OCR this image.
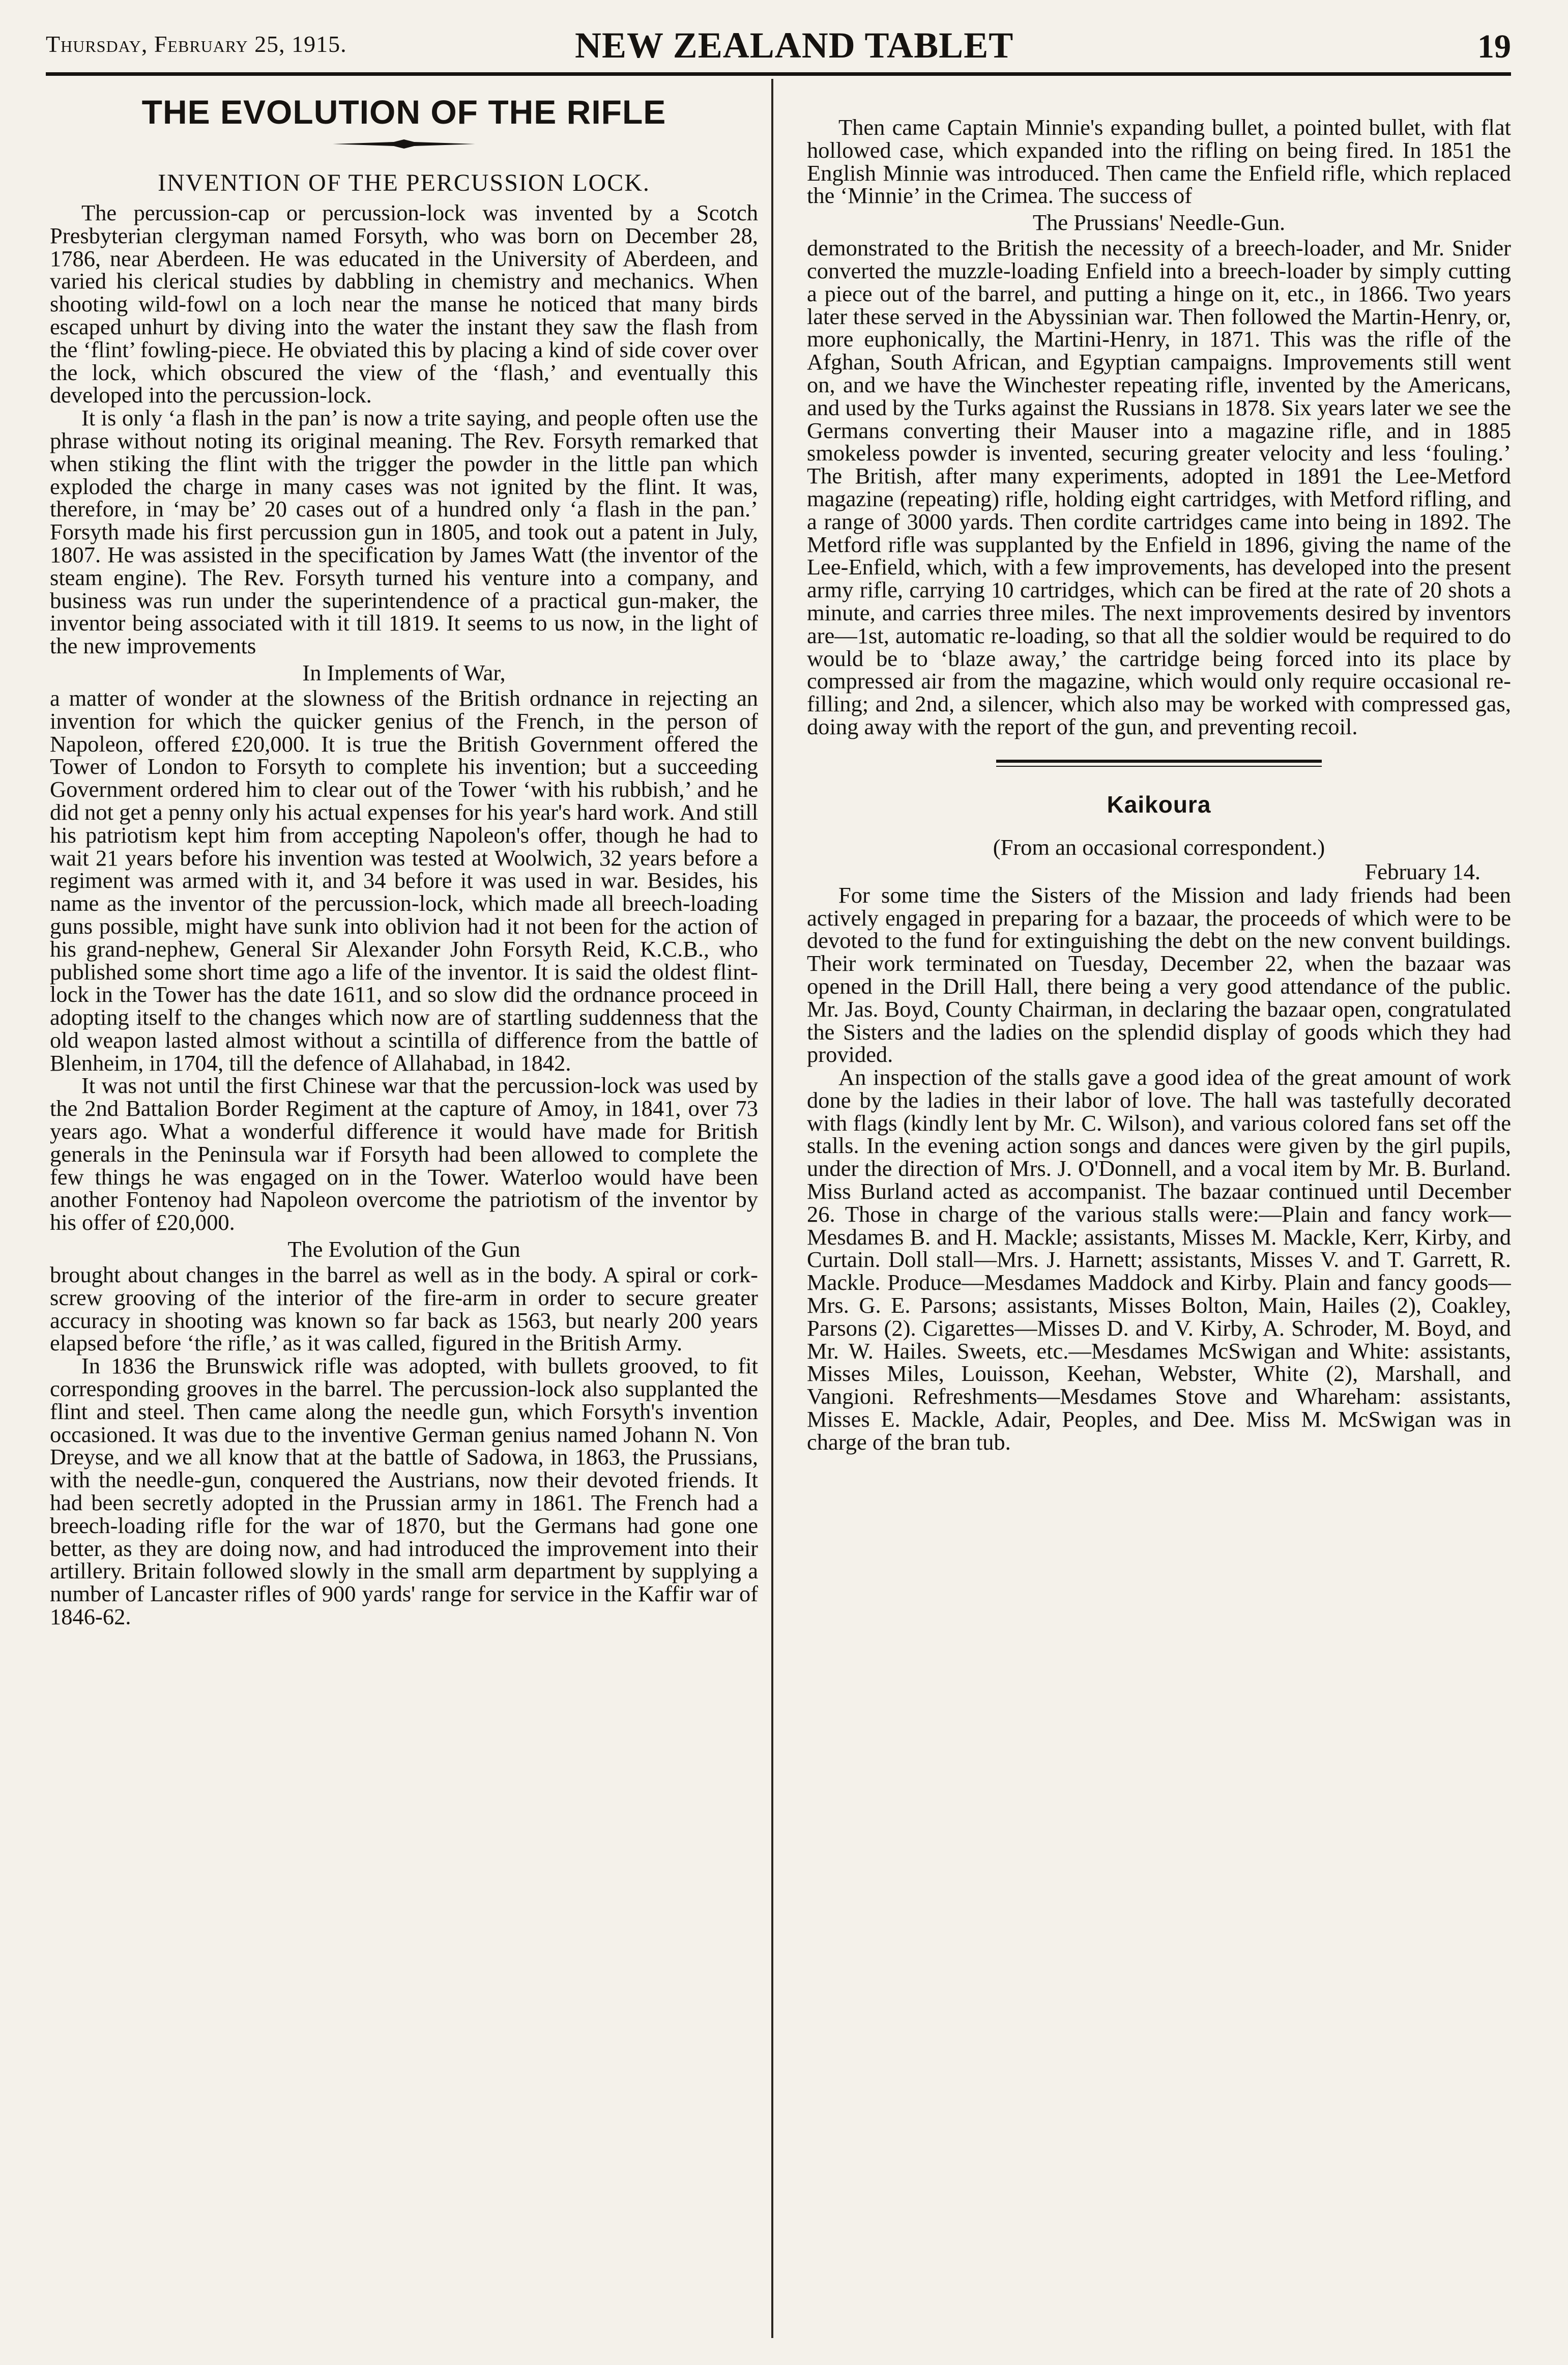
Thursday, February 25, 1915.	NEW ZEALAND TABLET	19
THE EVOLUTION OF THE RIFLE
INVENTION OF THE PERCUSSION LOCK.

The percussion-cap or percussion-lock was invented by a Scotch Presbyterian clergyman named Forsyth, who was born on December 28, 1786, near Aberdeen. He was educated in the University of Aberdeen, and varied his clerical studies by dabbling in chemistry and mechanics. When shooting wild-fowl on a loch near the manse he noticed that many birds escaped unhurt by diving into the water the instant they saw the flash from the ‘flint’ fowling-piece. He obviated this by placing a kind of side cover over the lock, which obscured the view of the ‘flash,’ and eventually this developed into the percussion-lock.

It is only ‘a flash in the pan’ is now a trite saying, and people often use the phrase without noting its original meaning. The Rev. Forsyth remarked that when stiking the flint with the trigger the powder in the little pan which exploded the charge in many cases was not ignited by the flint. It was, therefore, in ‘may be’ 20 cases out of a hundred only ‘a flash in the pan.’ Forsyth made his first percussion gun in 1805, and took out a patent in July, 1807. He was assisted in the specification by James Watt (the inventor of the steam engine). The Rev. Forsyth turned his venture into a company, and business was run under the superintendence of a practical gun-maker, the inventor being associated with it till 1819. It seems to us now, in the light of the new improvements

In Implements of War,

a matter of wonder at the slowness of the British ordnance in rejecting an invention for which the quicker genius of the French, in the person of Napoleon, offered £20,000. It is true the British Government offered the Tower of London to Forsyth to complete his invention; but a succeeding Government ordered him to clear out of the Tower ‘with his rubbish,’ and he did not get a penny only his actual expenses for his year's hard work. And still his patriotism kept him from accepting Napoleon's offer, though he had to wait 21 years before his invention was tested at Woolwich, 32 years before a regiment was armed with it, and 34 before it was used in war. Besides, his name as the inventor of the percussion-lock, which made all breech-loading guns possible, might have sunk into oblivion had it not been for the action of his grand-nephew, General Sir Alexander John Forsyth Reid, K.C.B., who published some short time ago a life of the inventor. It is said the oldest flint-lock in the Tower has the date 1611, and so slow did the ordnance proceed in adopting itself to the changes which now are of startling suddenness that the old weapon lasted almost without a scintilla of difference from the battle of Blenheim, in 1704, till the defence of Allahabad, in 1842.

It was not until the first Chinese war that the percussion-lock was used by the 2nd Battalion Border Regiment at the capture of Amoy, in 1841, over 73 years ago. What a wonderful difference it would have made for British generals in the Peninsula war if Forsyth had been allowed to complete the few things he was engaged on in the Tower. Waterloo would have been another Fontenoy had Napoleon overcome the patriotism of the inventor by his offer of £20,000.

The Evolution of the Gun

brought about changes in the barrel as well as in the body. A spiral or cork-screw grooving of the interior of the fire-arm in order to secure greater accuracy in shooting was known so far back as 1563, but nearly 200 years elapsed before ‘the rifle,’ as it was called, figured in the British Army.

In 1836 the Brunswick rifle was adopted, with bullets grooved, to fit corresponding grooves in the barrel. The percussion-lock also supplanted the flint and steel. Then came along the needle gun, which Forsyth's invention occasioned. It was due to the inventive German genius named Johann N. Von Dreyse, and we all know that at the battle of Sadowa, in 1863, the Prussians, with the needle-gun, conquered the Austrians, now their devoted friends. It had been secretly adopted in the Prussian army in 1861. The French had a breech-loading rifle for the war of 1870, but the Germans had gone one better, as they are doing now, and had introduced the improvement into their artillery. Britain followed slowly in the small arm department by supplying a number of Lancaster rifles of 900 yards' range for service in the Kaffir war of 1846-62.

Then came Captain Minnie's expanding bullet, a pointed bullet, with flat hollowed case, which expanded into the rifling on being fired. In 1851 the English Minnie was introduced. Then came the Enfield rifle, which replaced the ‘Minnie’ in the Crimea. The success of

The Prussians' Needle-Gun.

demonstrated to the British the necessity of a breech-loader, and Mr. Snider converted the muzzle-loading Enfield into a breech-loader by simply cutting a piece out of the barrel, and putting a hinge on it, etc., in 1866. Two years later these served in the Abyssinian war. Then followed the Martin-Henry, or, more euphonically, the Martini-Henry, in 1871. This was the rifle of the Afghan, South African, and Egyptian campaigns. Improvements still went on, and we have the Winchester repeating rifle, invented by the Americans, and used by the Turks against the Russians in 1878. Six years later we see the Germans converting their Mauser into a magazine rifle, and in 1885 smokeless powder is invented, securing greater velocity and less ‘fouling.’ The British, after many experiments, adopted in 1891 the Lee-Metford magazine (repeating) rifle, holding eight cartridges, with Metford rifling, and a range of 3000 yards. Then cordite cartridges came into being in 1892. The Metford rifle was supplanted by the Enfield in 1896, giving the name of the Lee-Enfield, which, with a few improvements, has developed into the present army rifle, carrying 10 cartridges, which can be fired at the rate of 20 shots a minute, and carries three miles. The next improvements desired by inventors are—1st, automatic re-loading, so that all the soldier would be required to do would be to ‘blaze away,’ the cartridge being forced into its place by compressed air from the magazine, which would only require occasional re-filling; and 2nd, a silencer, which also may be worked with compressed gas, doing away with the report of the gun, and preventing recoil.

Kaikoura
(From an occasional correspondent.)
February 14.

For some time the Sisters of the Mission and lady friends had been actively engaged in preparing for a bazaar, the proceeds of which were to be devoted to the fund for extinguishing the debt on the new convent buildings. Their work terminated on Tuesday, December 22, when the bazaar was opened in the Drill Hall, there being a very good attendance of the public. Mr. Jas. Boyd, County Chairman, in declaring the bazaar open, congratulated the Sisters and the ladies on the splendid display of goods which they had provided.

An inspection of the stalls gave a good idea of the great amount of work done by the ladies in their labor of love. The hall was tastefully decorated with flags (kindly lent by Mr. C. Wilson), and various colored fans set off the stalls. In the evening action songs and dances were given by the girl pupils, under the direction of Mrs. J. O'Donnell, and a vocal item by Mr. B. Burland. Miss Burland acted as accompanist. The bazaar continued until December 26. Those in charge of the various stalls were:—Plain and fancy work—Mesdames B. and H. Mackle; assistants, Misses M. Mackle, Kerr, Kirby, and Curtain. Doll stall—Mrs. J. Harnett; assistants, Misses V. and T. Garrett, R. Mackle. Produce—Mesdames Maddock and Kirby. Plain and fancy goods—Mrs. G. E. Parsons; assistants, Misses Bolton, Main, Hailes (2), Coakley, Parsons (2). Cigarettes—Misses D. and V. Kirby, A. Schroder, M. Boyd, and Mr. W. Hailes. Sweets, etc.—Mesdames McSwigan and White: assistants, Misses Miles, Louisson, Keehan, Webster, White (2), Marshall, and Vangioni. Refreshments—Mesdames Stove and Whareham: assistants, Misses E. Mackle, Adair, Peoples, and Dee. Miss M. McSwigan was in charge of the bran tub.
